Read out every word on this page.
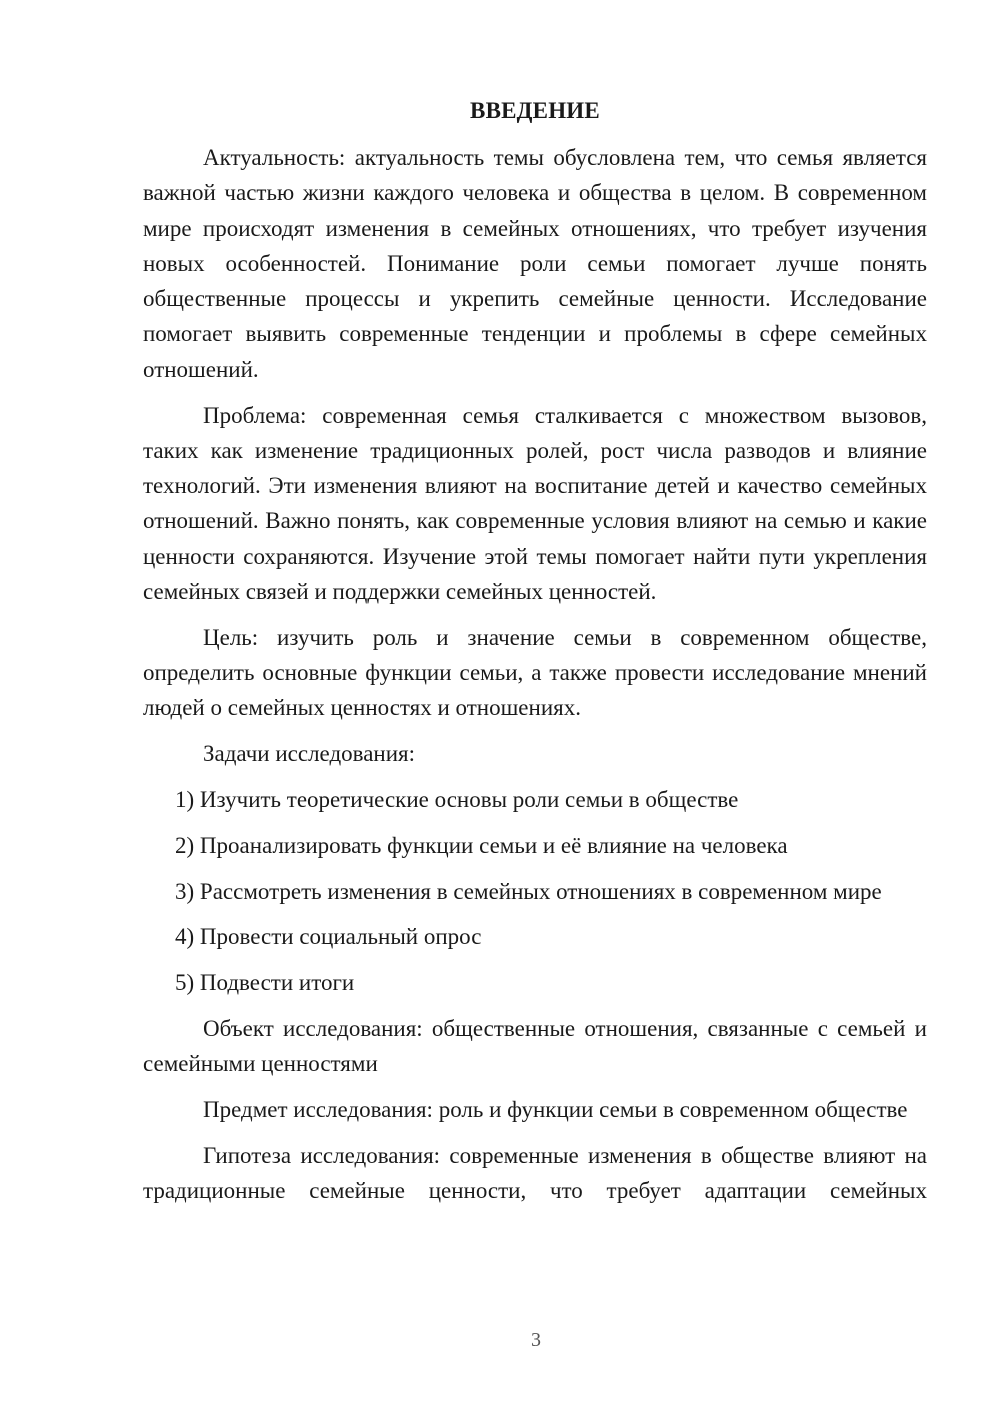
ВВЕДЕНИЕ

Актуальность: актуальность темы обусловлена тем, что семья является важной частью жизни каждого человека и общества в целом. В современном мире происходят изменения в семейных отношениях, что требует изучения новых особенностей. Понимание роли семьи помогает лучше понять общественные процессы и укрепить семейные ценности. Исследование помогает выявить современные тенденции и проблемы в сфере семейных отношений.

Проблема: современная семья сталкивается с множеством вызовов, таких как изменение традиционных ролей, рост числа разводов и влияние технологий. Эти изменения влияют на воспитание детей и качество семейных отношений. Важно понять, как современные условия влияют на семью и какие ценности сохраняются. Изучение этой темы помогает найти пути укрепления семейных связей и поддержки семейных ценностей.

Цель: изучить роль и значение семьи в современном обществе, определить основные функции семьи, а также провести исследование мнений людей о семейных ценностях и отношениях.

Задачи исследования:

1) Изучить теоретические основы роли семьи в обществе

2) Проанализировать функции семьи и её влияние на человека

3) Рассмотреть изменения в семейных отношениях в современном мире

4) Провести социальный опрос

5) Подвести итоги

Объект исследования: общественные отношения, связанные с семьей и семейными ценностями

Предмет исследования: роль и функции семьи в современном обществе

Гипотеза исследования: современные изменения в обществе влияют на традиционные семейные ценности, что требует адаптации семейных

3
